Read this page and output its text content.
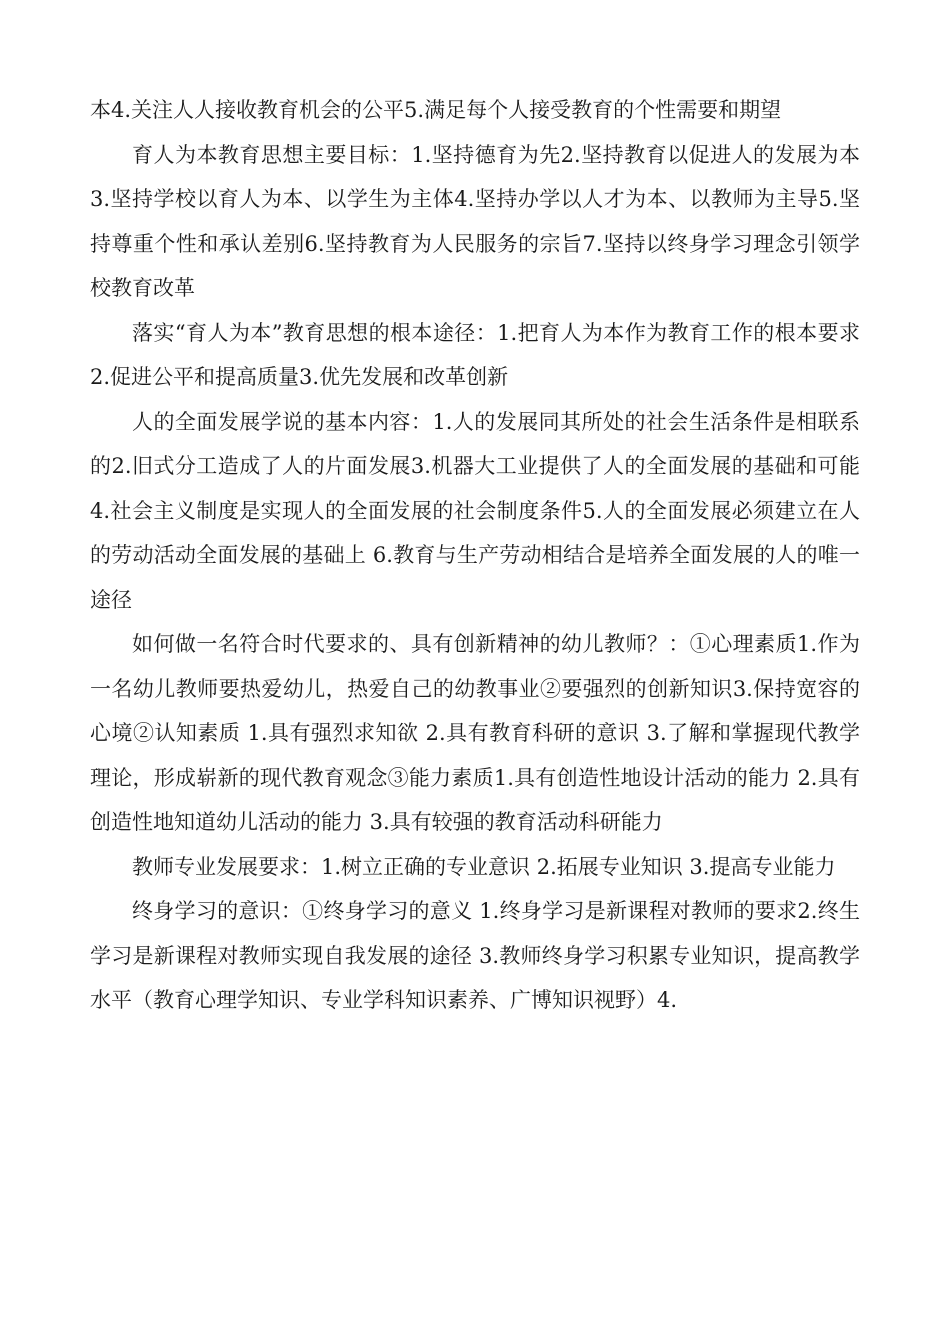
本4.关注人人接收教育机会的公平5.满足每个人接受教育的个性需要和期望

育人为本教育思想主要目标：1.坚持德育为先2.坚持教育以促进人的发展为本3.坚持学校以育人为本、以学生为主体4.坚持办学以人才为本、以教师为主导5.坚持尊重个性和承认差别6.坚持教育为人民服务的宗旨7.坚持以终身学习理念引领学校教育改革

落实“育人为本”教育思想的根本途径：1.把育人为本作为教育工作的根本要求2.促进公平和提高质量3.优先发展和改革创新

人的全面发展学说的基本内容：1.人的发展同其所处的社会生活条件是相联系的2.旧式分工造成了人的片面发展3.机器大工业提供了人的全面发展的基础和可能4.社会主义制度是实现人的全面发展的社会制度条件5.人的全面发展必须建立在人的劳动活动全面发展的基础上 6.教育与生产劳动相结合是培养全面发展的人的唯一途径

如何做一名符合时代要求的、具有创新精神的幼儿教师？：①心理素质1.作为一名幼儿教师要热爱幼儿，热爱自己的幼教事业②要强烈的创新知识3.保持宽容的心境②认知素质 1.具有强烈求知欲 2.具有教育科研的意识 3.了解和掌握现代教学理论，形成崭新的现代教育观念③能力素质1.具有创造性地设计活动的能力 2.具有创造性地知道幼儿活动的能力 3.具有较强的教育活动科研能力

教师专业发展要求：1.树立正确的专业意识 2.拓展专业知识 3.提高专业能力

终身学习的意识：①终身学习的意义 1.终身学习是新课程对教师的要求2.终生学习是新课程对教师实现自我发展的途径 3.教师终身学习积累专业知识，提高教学水平（教育心理学知识、专业学科知识素养、广博知识视野）4.
